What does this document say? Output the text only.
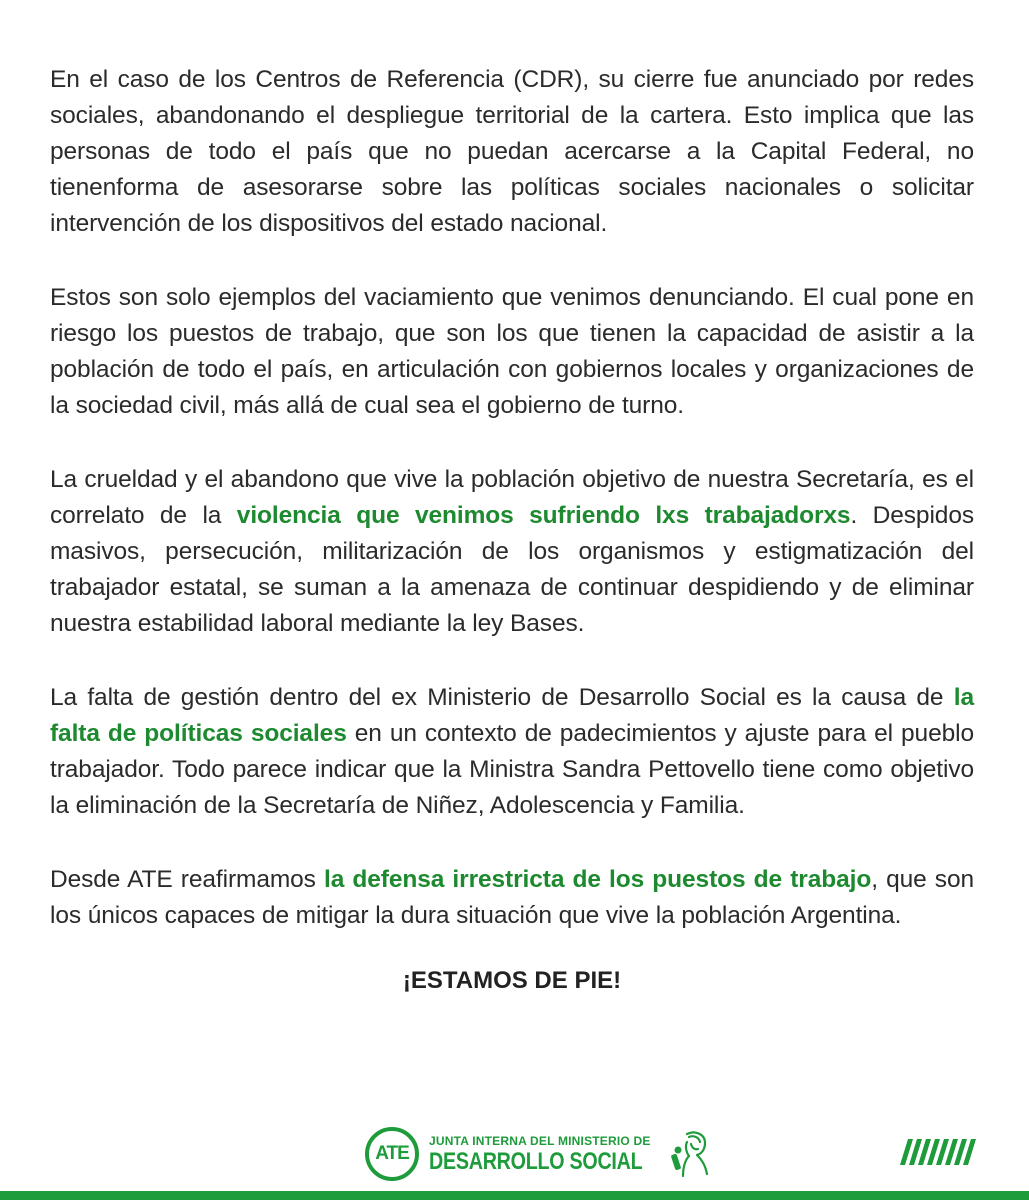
En el caso de los Centros de Referencia (CDR), su cierre fue anunciado por redes sociales, abandonando el despliegue territorial de la cartera. Esto implica que las personas de todo el país que no puedan acercarse a la Capital Federal, no tienenforma de asesorarse sobre las políticas sociales nacionales o solicitar intervención de los dispositivos del estado nacional.

Estos son solo ejemplos del vaciamiento que venimos denunciando. El cual pone en riesgo los puestos de trabajo, que son los que tienen la capacidad de asistir a la población de todo el país, en articulación con gobiernos locales y organizaciones de la sociedad civil, más allá de cual sea el gobierno de turno.

La crueldad y el abandono que vive la población objetivo de nuestra Secretaría, es el correlato de la violencia que venimos sufriendo lxs trabajadorxs. Despidos masivos, persecución, militarización de los organismos y estigmatización del trabajador estatal, se suman a la amenaza de continuar despidiendo y de eliminar nuestra estabilidad laboral mediante la ley Bases.

La falta de gestión dentro del ex Ministerio de Desarrollo Social es la causa de la falta de políticas sociales en un contexto de padecimientos y ajuste para el pueblo trabajador. Todo parece indicar que la Ministra Sandra Pettovello tiene como objetivo la eliminación de la Secretaría de Niñez, Adolescencia y Familia.

Desde ATE reafirmamos la defensa irrestricta de los puestos de trabajo, que son los únicos capaces de mitigar la dura situación que vive la población Argentina.

¡ESTAMOS DE PIE!
ATE
JUNTA INTERNA DEL MINISTERIO DE
DESARROLLO SOCIAL
